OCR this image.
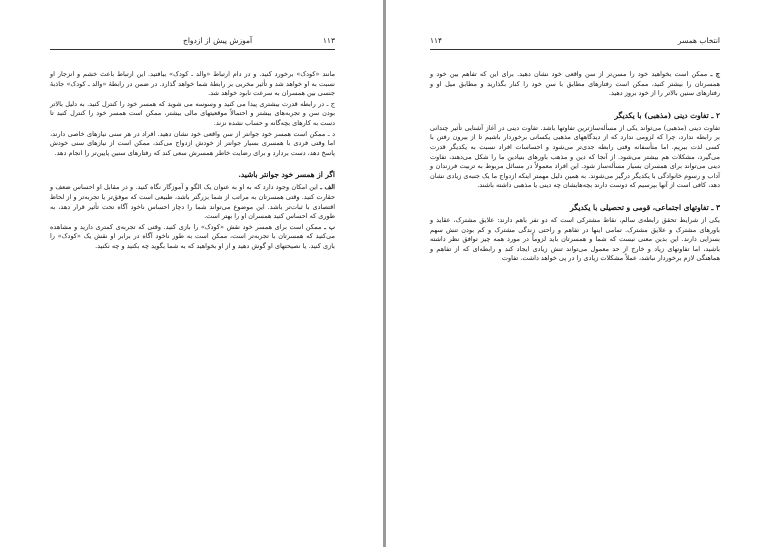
۱۱۳
آموزش پیش از ازدواج

مانند «کودک» برخورد کنید. و در دام ارتباط «والد ـ کودک» بیافتید. این ارتباط باعث خشم و انزجار او نسبت به او خواهد شد و تأثیر مخربی بر رابطهٔ شما خواهد گذارد. در ضمن در رابطهٔ «والد ـ کودک» جاذبهٔ جنسی بین همسران به سرعت نابود خواهد شد.

ج ـ در رابطه قدرت بیشتری پیدا می کنید و وسوسه می شوید که همسر خود را کنترل کنید. به دلیل بالاتر بودن سن و تجربه‌های بیشتر و احتمالاً موقعیتهای مالی بیشتر، ممکن است همسر خود را کنترل کنید تا دست به کارهای بچه‌گانه و حساب نشده نزند.

د ـ ممکن است همسر خود جوانتر از سن واقعی خود نشان دهید. افراد در هر سنی نیازهای خاصی دارند، اما وقتی فردی با همسری بسیار جوانتر از خودش ازدواج می‌کند، ممکن است از نیازهای سنی خودش پاسخ دهد، دست بردارد و برای رضایت خاطر همسرش سعی کند که رفتارهای سنین پایین‌تر را انجام دهد.

اگر از همسر خود جوانتر باشید.

الف ـ این امکان وجود دارد که به او به عنوان یک الگو و آموزگار نگاه کنید. و در مقابل او احساس ضعف و حقارت کنید. وقتی همسرتان به مراتب از شما بزرگتر باشد، طبیعی است که موفق‌تر یا تجربه‌تر و از لحاظ اقتصادی با ثبات‌تر باشد. این موضوع می‌تواند شما را دچار احساس ناخود آگاه تحت تأثیر قرار دهد، به طوری که احساس کنید همسران او را بهتر است.

ب ـ ممکن است برای همسر خود نقش «کودک» را بازی کنید. وقتی که تجربه‌ی کمتری دارید و مشاهده می‌کنید که همسرتان با تجربه‌تر است، ممکن است به طور ناخود آگاه در برابر او نقش یک «کودک» را بازی کنید. یا نصیحتهای او گوش دهید و از او بخواهید که به شما بگوید چه بکنید و چه نکنید.

۱۱۴	انتخاب همسر

ج ـ ممکن است بخواهید خود را مسن‌تر از سن واقعی خود نشان دهید. برای این که تفاهم بین خود و همسرتان را بیشتر کنید، ممکن است رفتارهای مطابق با سن خود را کنار بگذارید و مطابق میل او و رفتارهای سنین بالاتر را از خود بروز دهید.

۲ ـ تفاوت دینی (مذهبی) با یکدیگر

تفاوت دینی (مذهبی) می‌تواند یکی از مسأله‌سازترین تفاوتها باشد. تفاوت دینی در آغاز آشنایی تأثیر چندانی بر رابطه ندارد، چرا که لزومی ندارد که از دیدگاههای مذهبی یکسانی برخوردار باشیم تا از بیرون رفتن با کسی لذت ببریم. اما متأسفانه وقتی رابطه جدی‌تر می‌شود و احساسات افراد نسبت به یکدیگر قدرت می‌گیرد، مشکلات هم بیشتر می‌شود. از آنجا که دین و مذهب باورهای بنیادین ما را شکل می‌دهند، تفاوت دینی می‌تواند برای همسران بسیار مسأله‌ساز شود. این افراد معمولاً در مسائل مربوط به تربیت فرزندان و آداب و رسوم خانوادگی با یکدیگر درگیر می‌شوند. به همین دلیل مهمتر اینکه ازدواج ما یک جنبه‌ی زیادی نشان دهد، کافی است از آنها بپرسیم که دوست دارند بچه‌هایشان چه دینی یا مذهبی داشته باشند.

۳ ـ تفاوتهای اجتماعی، قومی و تحصیلی با یکدیگر

یکی از شرایط تحقق رابطه‌ی سالم، نقاط مشترکی است که دو نفر باهم دارند: علایق مشترک، عقاید و باورهای مشترک و علایق مشترک. تمامی اینها در تفاهم و راحتی زندگی مشترک و کم بودن تنش سهم بسزایی دارند. این بدین معنی نیست که شما و همسرتان باید لزوماً در مورد همه چیز توافق نظر داشته باشید، اما تفاوتهای زیاد و خارج از حد معمول می‌تواند تنش زیادی ایجاد کند و رابطه‌ای که از تفاهم و هماهنگی لازم برخوردار نباشد، عملاً مشکلات زیادی را در پی خواهد داشت. تفاوت
